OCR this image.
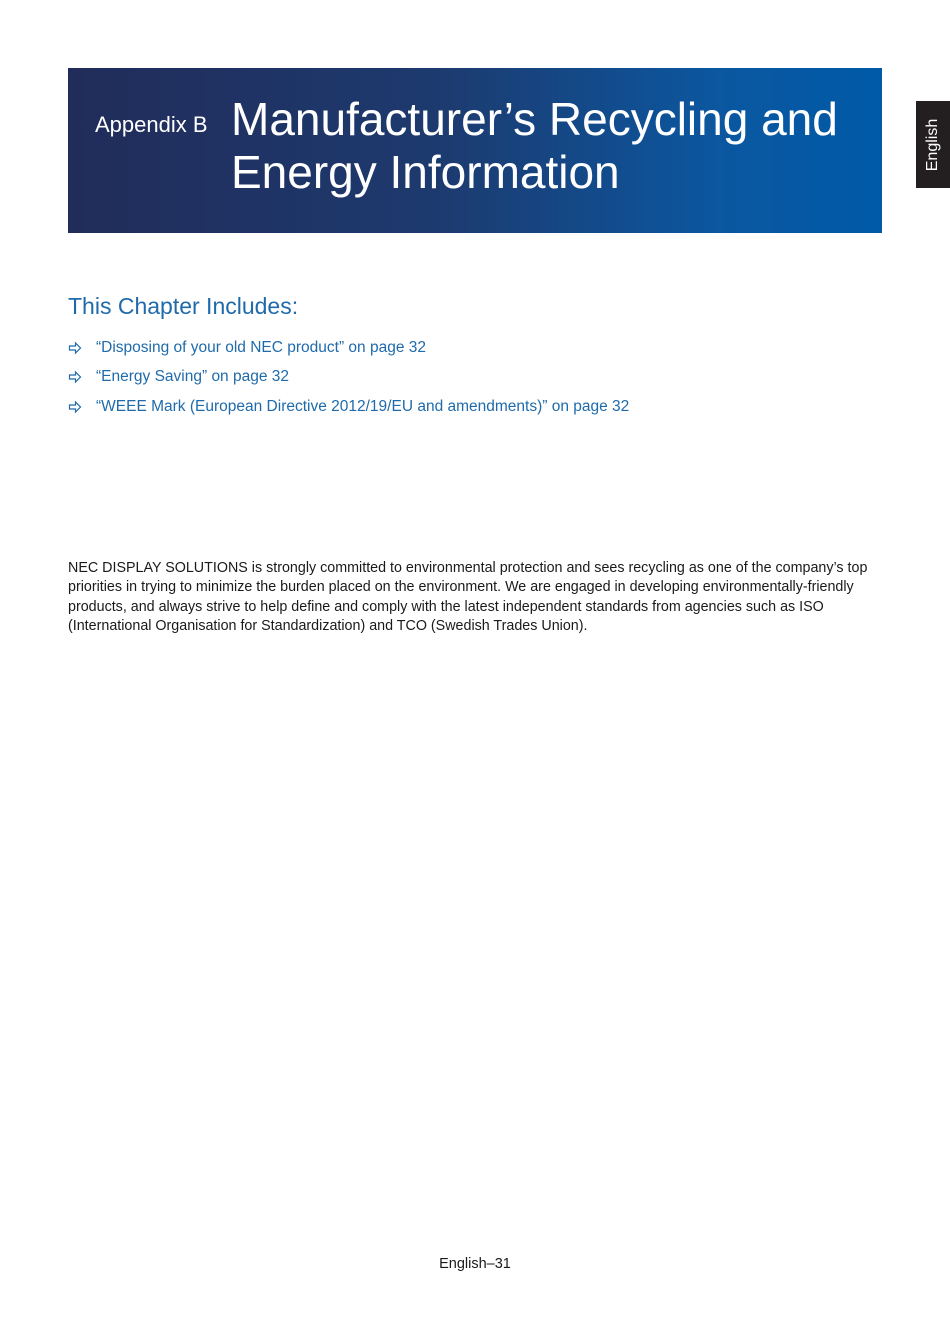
Appendix B Manufacturer’s Recycling and Energy Information
English
This Chapter Includes:
“Disposing of your old NEC product” on page 32
“Energy Saving” on page 32
“WEEE Mark (European Directive 2012/19/EU and amendments)” on page 32

NEC DISPLAY SOLUTIONS is strongly committed to environmental protection and sees recycling as one of the company’s top priorities in trying to minimize the burden placed on the environment. We are engaged in developing environmentally-friendly products, and always strive to help define and comply with the latest independent standards from agencies such as ISO (International Organisation for Standardization) and TCO (Swedish Trades Union).

English–31
